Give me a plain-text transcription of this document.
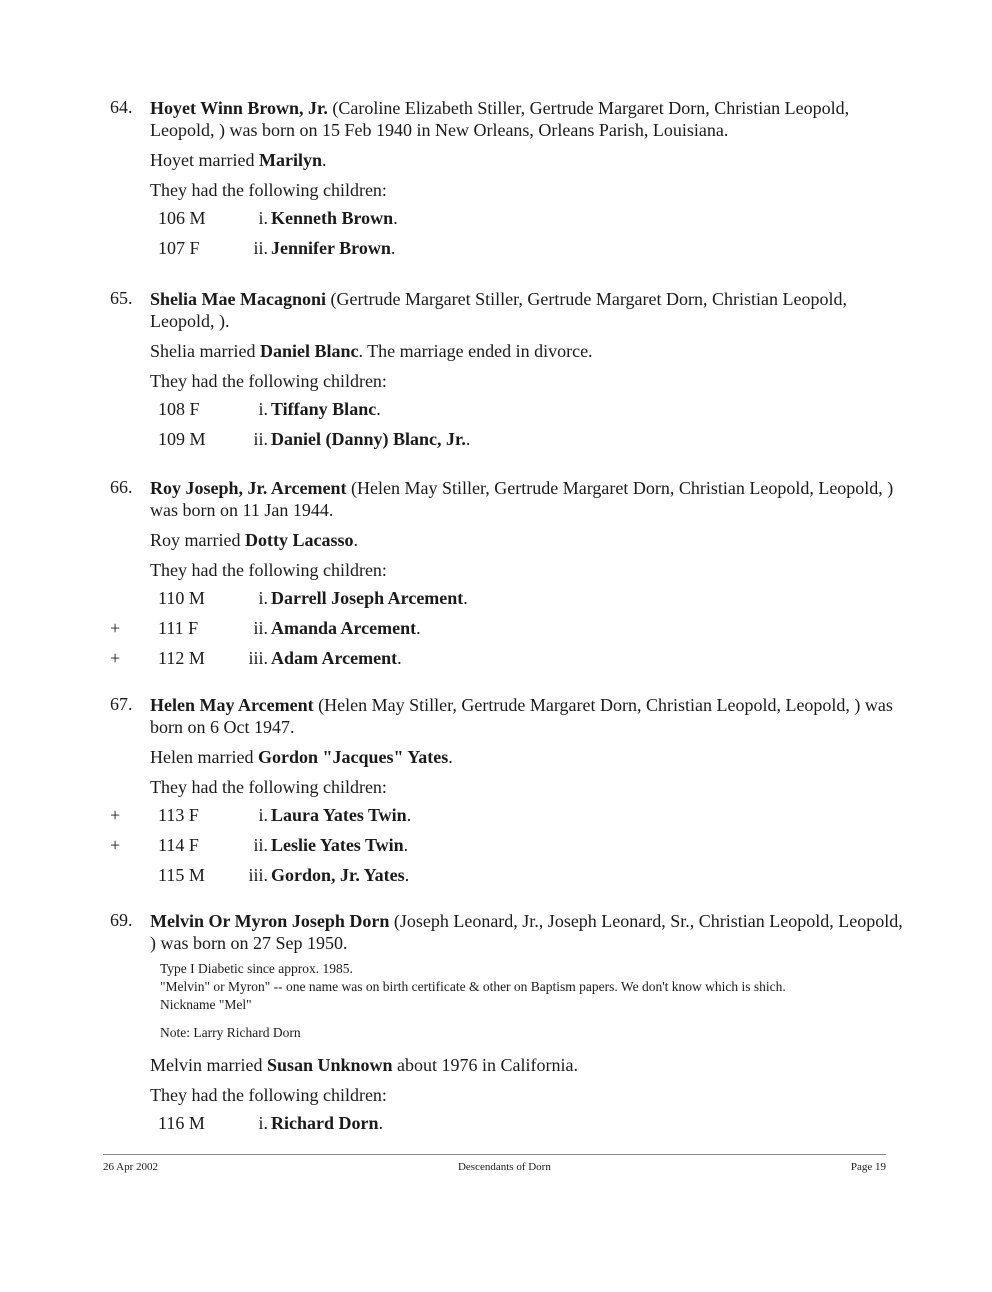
64. Hoyet Winn Brown, Jr. (Caroline Elizabeth Stiller, Gertrude Margaret Dorn, Christian Leopold, Leopold, ) was born on 15 Feb 1940 in New Orleans, Orleans Parish, Louisiana.
Hoyet married Marilyn.
They had the following children:
106 M	i. Kenneth Brown.
107 F	ii. Jennifer Brown.
65. Shelia Mae Macagnoni (Gertrude Margaret Stiller, Gertrude Margaret Dorn, Christian Leopold, Leopold, ).
Shelia married Daniel Blanc. The marriage ended in divorce.
They had the following children:
108 F	i. Tiffany Blanc.
109 M	ii. Daniel (Danny) Blanc, Jr..
66. Roy Joseph, Jr. Arcement (Helen May Stiller, Gertrude Margaret Dorn, Christian Leopold, Leopold, ) was born on 11 Jan 1944.
Roy married Dotty Lacasso.
They had the following children:
110 M	i. Darrell Joseph Arcement.
+ 111 F	ii. Amanda Arcement.
+ 112 M	iii. Adam Arcement.
67. Helen May Arcement (Helen May Stiller, Gertrude Margaret Dorn, Christian Leopold, Leopold, ) was born on 6 Oct 1947.
Helen married Gordon "Jacques" Yates.
They had the following children:
+ 113 F	i. Laura Yates Twin.
+ 114 F	ii. Leslie Yates Twin.
115 M	iii. Gordon, Jr. Yates.
69. Melvin Or Myron Joseph Dorn (Joseph Leonard, Jr., Joseph Leonard, Sr., Christian Leopold, Leopold, ) was born on 27 Sep 1950.
Type I Diabetic since approx. 1985.
"Melvin" or Myron" -- one name was on birth certificate & other on Baptism papers. We don't know which is shich.
Nickname "Mel"
Note: Larry Richard Dorn
Melvin married Susan Unknown about 1976 in California.
They had the following children:
116 M	i. Richard Dorn.
26 Apr 2002	Descendants of Dorn	Page 19
